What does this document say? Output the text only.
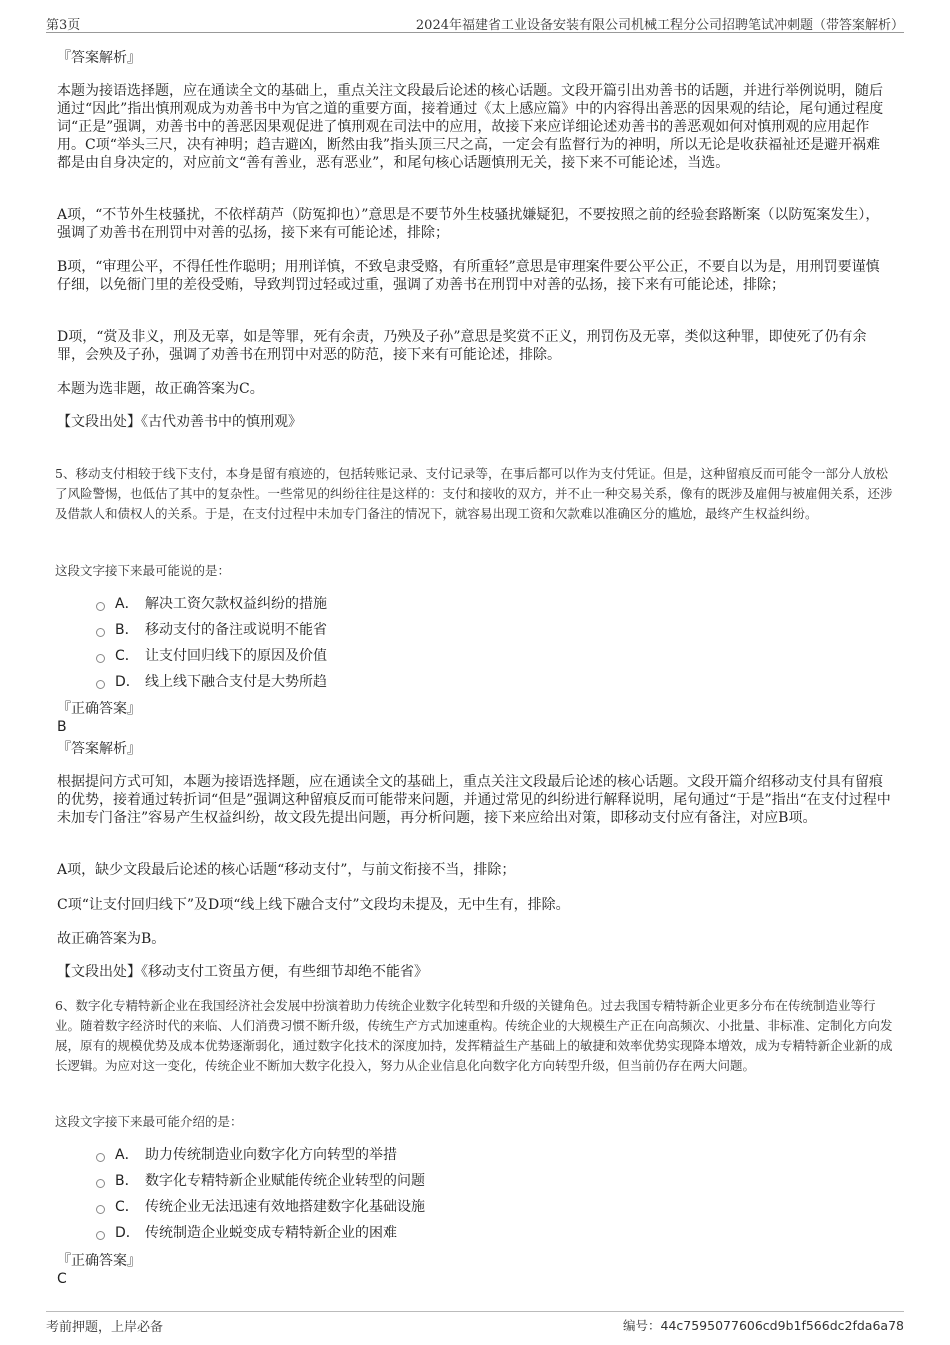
第3页	2024年福建省工业设备安装有限公司机械工程分公司招聘笔试冲刺题（带答案解析）
『答案解析』

本题为接语选择题，应在通读全文的基础上，重点关注文段最后论述的核心话题。文段开篇引出劝善书的话题，并进行举例说明，随后通过“因此”指出慎刑观成为劝善书中为官之道的重要方面，接着通过《太上感应篇》中的内容得出善恶的因果观的结论，尾句通过程度词“正是”强调，劝善书中的善恶因果观促进了慎刑观在司法中的应用，故接下来应详细论述劝善书的善恶观如何对慎刑观的应用起作用。C项“举头三尺，决有神明；趋吉避凶，断然由我”指头顶三尺之高，一定会有监督行为的神明，所以无论是收获福祉还是避开祸难都是由自身决定的，对应前文“善有善业，恶有恶业”，和尾句核心话题慎刑无关，接下来不可能论述，当选。

A项，“不节外生枝骚扰，不依样葫芦（防冤抑也）”意思是不要节外生枝骚扰嫌疑犯，不要按照之前的经验套路断案（以防冤案发生），强调了劝善书在刑罚中对善的弘扬，接下来有可能论述，排除；

B项，“审理公平，不得任性作聪明；用刑详慎，不致皂隶受赂，有所重轻”意思是审理案件要公平公正，不要自以为是，用刑罚要谨慎仔细，以免衙门里的差役受贿，导致判罚过轻或过重，强调了劝善书在刑罚中对善的弘扬，接下来有可能论述，排除；

D项，“赏及非义，刑及无辜，如是等罪，死有余责，乃殃及子孙”意思是奖赏不正义，刑罚伤及无辜，类似这种罪，即使死了仍有余罪，会殃及子孙，强调了劝善书在刑罚中对恶的防范，接下来有可能论述，排除。

本题为选非题，故正确答案为C。

【文段出处】《古代劝善书中的慎刑观》

5、移动支付相较于线下支付，本身是留有痕迹的，包括转账记录、支付记录等，在事后都可以作为支付凭证。但是，这种留痕反而可能令一部分人放松了风险警惕，也低估了其中的复杂性。一些常见的纠纷往往是这样的：支付和接收的双方，并不止一种交易关系，像有的既涉及雇佣与被雇佣关系，还涉及借款人和债权人的关系。于是，在支付过程中未加专门备注的情况下，就容易出现工资和欠款难以准确区分的尴尬，最终产生权益纠纷。

这段文字接下来最可能说的是：
A． 解决工资欠款权益纠纷的措施
B． 移动支付的备注或说明不能省
C． 让支付回归线下的原因及价值
D． 线上线下融合支付是大势所趋
『正确答案』
B
『答案解析』

根据提问方式可知，本题为接语选择题，应在通读全文的基础上，重点关注文段最后论述的核心话题。文段开篇介绍移动支付具有留痕的优势，接着通过转折词“但是”强调这种留痕反而可能带来问题，并通过常见的纠纷进行解释说明，尾句通过“于是”指出“在支付过程中未加专门备注”容易产生权益纠纷，故文段先提出问题，再分析问题，接下来应给出对策，即移动支付应有备注，对应B项。

A项，缺少文段最后论述的核心话题“移动支付”，与前文衔接不当，排除；

C项“让支付回归线下”及D项“线上线下融合支付”文段均未提及，无中生有，排除。

故正确答案为B。

【文段出处】《移动支付工资虽方便，有些细节却绝不能省》

6、数字化专精特新企业在我国经济社会发展中扮演着助力传统企业数字化转型和升级的关键角色。过去我国专精特新企业更多分布在传统制造业等行业。随着数字经济时代的来临、人们消费习惯不断升级，传统生产方式加速重构。传统企业的大规模生产正在向高频次、小批量、非标准、定制化方向发展，原有的规模优势及成本优势逐渐弱化，通过数字化技术的深度加持，发挥精益生产基础上的敏捷和效率优势实现降本增效，成为专精特新企业新的成长逻辑。为应对这一变化，传统企业不断加大数字化投入，努力从企业信息化向数字化方向转型升级，但当前仍存在两大问题。

这段文字接下来最可能介绍的是：
A． 助力传统制造业向数字化方向转型的举措
B． 数字化专精特新企业赋能传统企业转型的问题
C． 传统企业无法迅速有效地搭建数字化基础设施
D． 传统制造企业蜕变成专精特新企业的困难
『正确答案』
C
考前押题，上岸必备	编号：44c7595077606cd9b1f566dc2fda6a78
